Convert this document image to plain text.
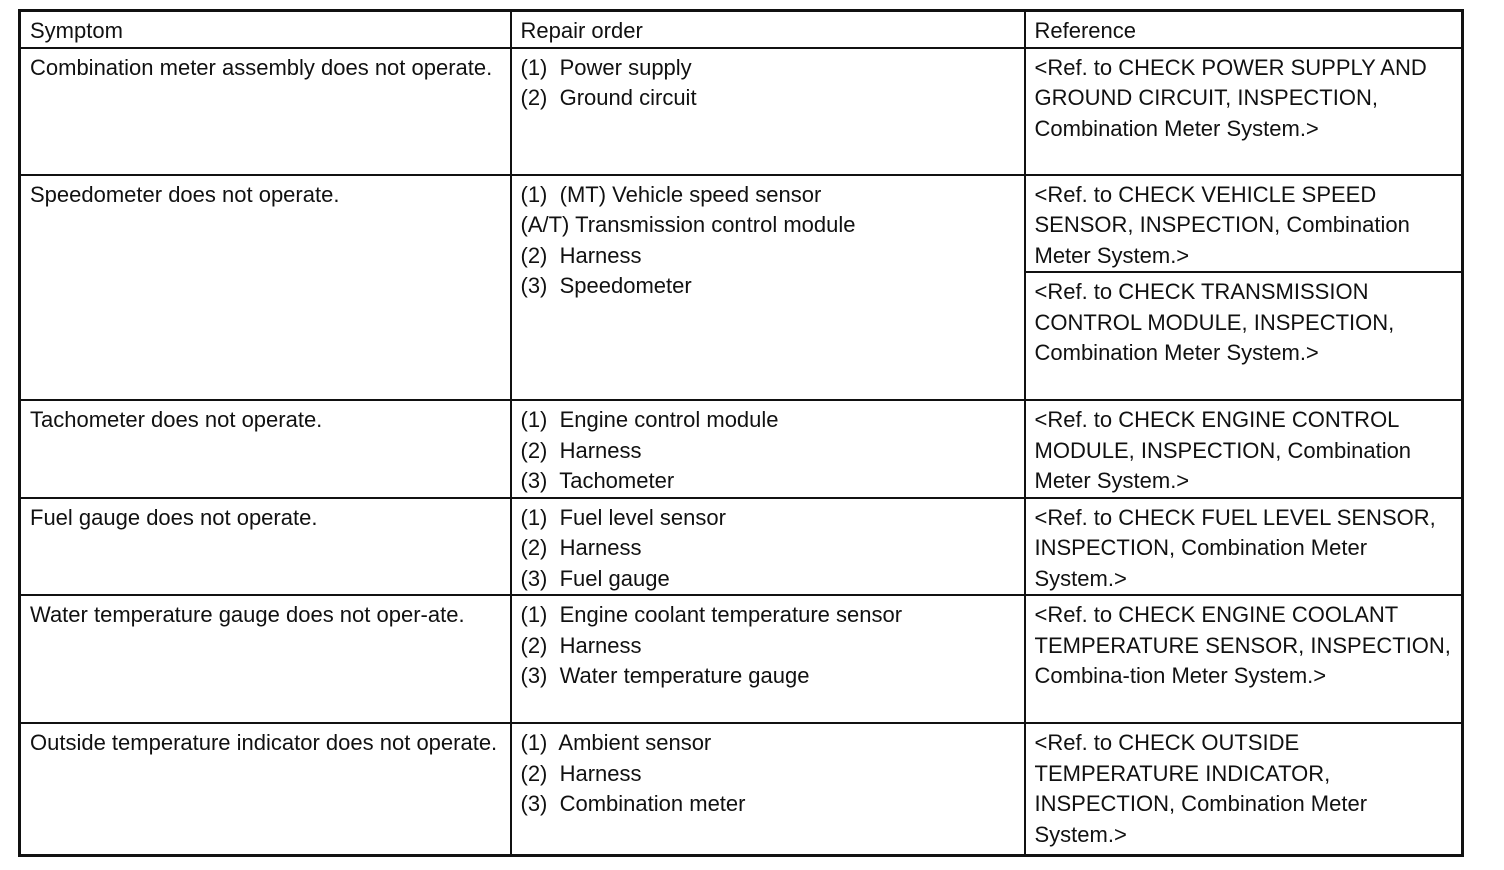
Symptom	Repair order	Reference
Combination meter assembly does not operate.	(1)  Power supply
(2)  Ground circuit	<Ref. to CHECK POWER SUPPLY AND GROUND CIRCUIT, INSPECTION, Combination Meter System.>

Speedometer does not operate.	(1)  (MT) Vehicle speed sensor
(A/T) Transmission control module
(2)  Harness
(3)  Speedometer	<Ref. to CHECK VEHICLE SPEED SENSOR, INSPECTION, Combination Meter System.>

		<Ref. to CHECK TRANSMISSION CONTROL MODULE, INSPECTION, Combination Meter System.>

Tachometer does not operate.	(1)  Engine control module
(2)  Harness
(3)  Tachometer	<Ref. to CHECK ENGINE CONTROL MODULE, INSPECTION, Combination Meter System.>

Fuel gauge does not operate.	(1)  Fuel level sensor
(2)  Harness
(3)  Fuel gauge	<Ref. to CHECK FUEL LEVEL SENSOR, INSPECTION, Combination Meter System.>

Water temperature gauge does not oper-ate.	(1)  Engine coolant temperature sensor
(2)  Harness
(3)  Water temperature gauge	<Ref. to CHECK ENGINE COOLANT TEMPERATURE SENSOR, INSPECTION, Combina-tion Meter System.>

Outside temperature indicator does not operate.	(1)  Ambient sensor
(2)  Harness
(3)  Combination meter	<Ref. to CHECK OUTSIDE TEMPERATURE INDICATOR, INSPECTION, Combination Meter System.>
